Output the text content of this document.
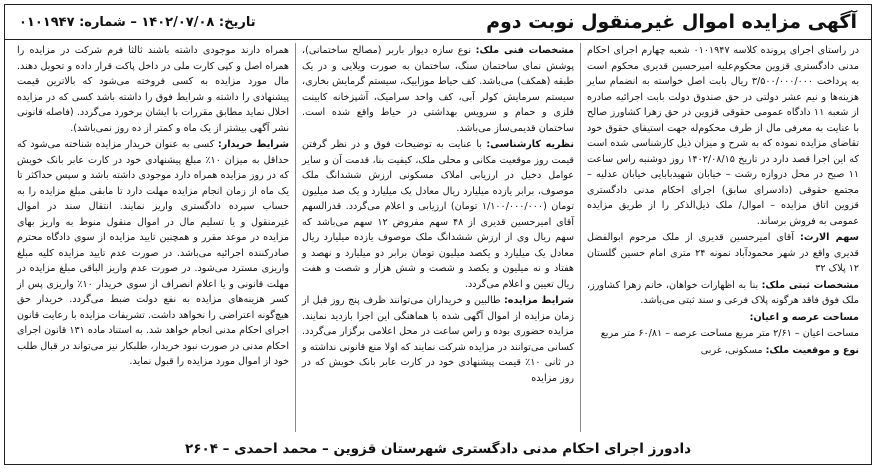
آگهی مزایده اموال غیرمنقول نوبت دوم
تاریخ: ۱۴۰۲/۰۷/۰۸ – شماره: ۰۱۰۱۹۴۷

در راستای اجرای پرونده کلاسه ۰۱۰۱۹۴۷ شعبه چهارم اجرای احکام مدنی دادگستری قزوین محکوم‌علیه امیرحسین قدیری محکوم است به پرداخت ۳/۵۰۰/۰۰۰/۰۰۰ ریال بابت اصل خواسته به انضمام سایر هزینه‌ها و نیم عشر دولتی در حق صندوق دولت بابت اجرائیه صادره از شعبه ۱۱ دادگاه عمومی حقوقی قزوین در حق زهرا کشاورز صالح با عنایت به معرفی مال از طرف محکوم‌له جهت استیفای حقوق خود تقاضای مزایده نموده که به شرح و میزان ذیل کارشناسی شده است که این اجرا قصد دارد در تاریخ ۱۴۰۲/۰۸/۱۵ روز دوشنبه راس ساعت ۱۱ صبح در محل دروازه رشت – خیابان شهیدبابایی خیابان عدلیه – مجتمع حقوقی (دادسرای سابق) اجرای احکام مدنی دادگستری قزوین اتاق مزایده – اموال/ ملک ذیل‌الذکر را از طریق مزایده عمومی به فروش برساند.

سهم الارث: آقای امیرحسین قدیری از ملک مرحوم ابوالفضل قدیری واقع در شهر محمودآباد نمونه ۲۴ متری امام حسین گلستان ۱۲ پلاک ۳۲

مشخصات ثبتی ملک: بنا به اظهارات خواهان، خانم زهرا کشاورز، ملک فوق فاقد هرگونه پلاک فرعی و سند ثبتی می‌باشد.

مساحت عرصه و اعیان:

مساحت اعیان – ۲/۶۱ متر مربع مساحت عرصه – ۶۰/۸۱ متر مربع

نوع و موقعیت ملک: مسکونی، غربی

مشخصات فنی ملک: نوع سازه دیوار باربر (مصالح ساختمانی)، پوشش نمای ساختمان سنگ، ساختمان به صورت ویلایی و در یک طبقه (همکف) می‌باشد. کف حیاط موزاییک، سیستم گرمایش بخاری، سیستم سرمایش کولر آبی، کف واحد سرامیک، آشپزخانه کابینت فلزی و حمام و سرویس بهداشتی در حیاط واقع شده است. ساختمان قدیمی‌ساز می‌باشد.

نظریه کارشناسی: با عنایت به توضیحات فوق و در نظر گرفتن قیمت روز موقعیت مکانی و محلی ملک، کیفیت بنا، قدمت آن و سایر عوامل دخیل در ارزیابی املاک مسکونی ارزش ششدانگ ملک موصوف، برابر یازده میلیارد ریال معادل یک میلیارد و یک صد میلیون تومان (۱/۱۰۰/۰۰۰/۰۰۰ تومان) ارزیابی و اعلام می‌گردد. قدرالسهم آقای امیرحسین قدیری از ۴۸ سهم مفروض ۱۲ سهم می‌باشد که سهم ریال وی از ارزش ششدانگ ملک موصوف یازده میلیارد ریال معادل یک میلیارد و یکصد میلیون تومان برابر دو میلیارد و نهصد و هفتاد و نه میلیون و یکصد و شصت و شش هزار و شصت و هفت ریال تعیین و اعلام می‌گردد.

شرایط مزایده: طالبین و خریداران می‌توانند ظرف پنج روز قبل از زمان مزایده از اموال آگهی شده با هماهنگی این اجرا بازدید نمایند. مزایده حضوری بوده و راس ساعت در محل اعلامی برگزار می‌گردد. کسانی می‌توانند در مزایده شرکت نمایند که اولا منع قانونی نداشته و در ثانی ۱۰٪ قیمت پیشنهادی خود در کارت عابر بانک خویش که در روز مزایده

همراه دارند موجودی داشته باشند ثالثا فرم شرکت در مزایده را همراه اصل و کپی کارت ملی در داخل پاکت قرار داده و تحویل دهند. مال مورد مزایده به کسی فروخته می‌شود که بالاترین قیمت پیشنهادی را داشته و شرایط فوق را داشته باشد کسی که در مزایده اخلال نماید مطابق مقررات با ایشان برخورد می‌گردد. (فاصله قانونی نشر آگهی بیشتر از یک ماه و کمتر از ده روز نمی‌باشد).

شرایط خریدار: کسی به عنوان خریدار مزایده شناخته می‌شود که حداقل به میزان ۱۰٪ مبلغ پیشنهادی خود در کارت عابر بانک خویش که در روز مزایده همراه دارد موجودی داشته باشد و سپس حداکثر تا یک ماه از زمان انجام مزایده مهلت دارد تا مابقی مبلغ مزایده را به حساب سپرده دادگستری واریز نمایند. انتقال سند در اموال غیرمنقول و یا تسلیم مال در اموال منقول منوط به واریز بهای مزایده در موعد مقرر و همچنین تایید مزایده از سوی دادگاه محترم صادرکننده اجرائیه می‌باشد. در صورت عدم تایید مزایده کلیه مبلغ واریزی مسترد می‌شود. در صورت عدم واریز الباقی مبلغ مزایده در مهلت قانونی و یا اعلام انصراف از سوی خریدار ۱۰٪ واریزی پس از کسر هزینه‌های مزایده به نفع دولت ضبط می‌گردد. خریدار حق هیچ‌گونه اعتراضی را نخواهد داشت. تشریفات مزایده با رعایت قانون اجرای احکام مدنی انجام خواهد شد. به استناد ماده ۱۳۱ قانون اجرای احکام مدنی در صورت نبود خریدار، طلبکار نیز می‌تواند در قبال طلب خود از اموال مورد مزایده را قبول نماید.

دادورز اجرای احکام مدنی دادگستری شهرستان قزوین – محمد احمدی – ۲۶۰۴
